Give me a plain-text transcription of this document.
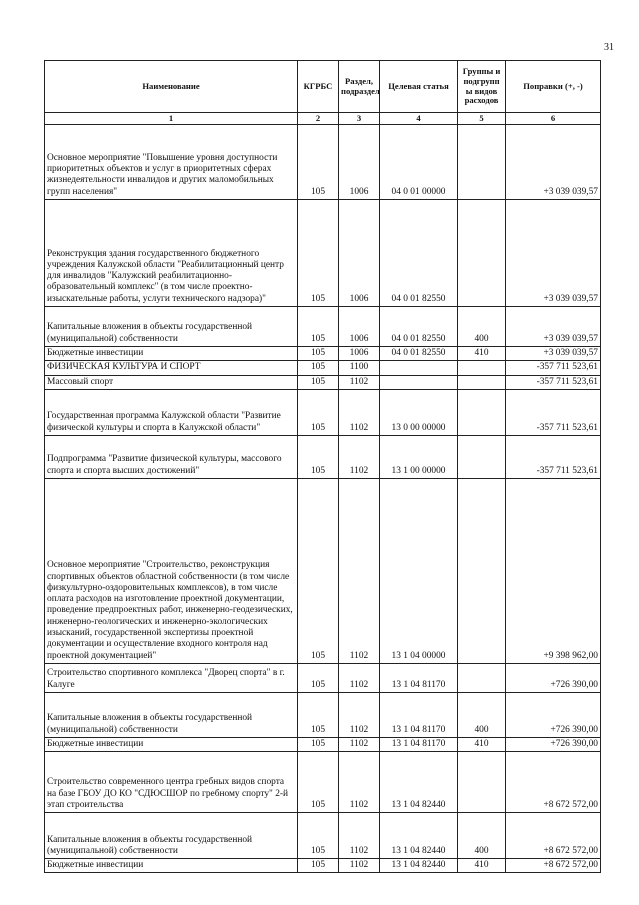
31
Наименование	КГРБС	Раздел, подраздел	Целевая статья	Группы и подгрупп ы видов расходов	Поправки (+, -)
1	2	3	4	5	6
Основное мероприятие "Повышение уровня доступности приоритетных объектов и услуг в приоритетных сферах жизнедеятельности инвалидов и других маломобильных групп населения"	105	1006	04 0 01 00000		+3 039 039,57
Реконструкция здания государственного бюджетного учреждения Калужской области "Реабилитационный центр для инвалидов "Калужский реабилитационно-образовательный комплекс" (в том числе проектно-изыскательные работы, услуги технического надзора)"	105	1006	04 0 01 82550		+3 039 039,57
Капитальные вложения в объекты государственной (муниципальной) собственности	105	1006	04 0 01 82550	400	+3 039 039,57
Бюджетные инвестиции	105	1006	04 0 01 82550	410	+3 039 039,57
ФИЗИЧЕСКАЯ КУЛЬТУРА И СПОРТ	105	1100			-357 711 523,61
Массовый спорт	105	1102			-357 711 523,61
Государственная программа Калужской области "Развитие физической культуры и спорта в Калужской области"	105	1102	13 0 00 00000		-357 711 523,61
Подпрограмма "Развитие физической культуры, массового спорта и спорта высших достижений"	105	1102	13 1 00 00000		-357 711 523,61
Основное мероприятие "Строительство, реконструкция спортивных объектов областной собственности (в том числе физкультурно-оздоровительных комплексов), в том числе оплата расходов на изготовление проектной документации, проведение предпроектных работ, инженерно-геодезических, инженерно-геологических и инженерно-экологических изысканий, государственной экспертизы проектной документации и осуществление входного контроля над проектной документацией"	105	1102	13 1 04 00000		+9 398 962,00
Строительство спортивного комплекса "Дворец спорта" в г. Калуге	105	1102	13 1 04 81170		+726 390,00
Капитальные вложения в объекты государственной (муниципальной) собственности	105	1102	13 1 04 81170	400	+726 390,00
Бюджетные инвестиции	105	1102	13 1 04 81170	410	+726 390,00
Строительство современного центра гребных видов спорта на базе ГБОУ ДО КО "СДЮСШОР по гребному спорту" 2-й этап строительства	105	1102	13 1 04 82440		+8 672 572,00
Капитальные вложения в объекты государственной (муниципальной) собственности	105	1102	13 1 04 82440	400	+8 672 572,00
Бюджетные инвестиции	105	1102	13 1 04 82440	410	+8 672 572,00
